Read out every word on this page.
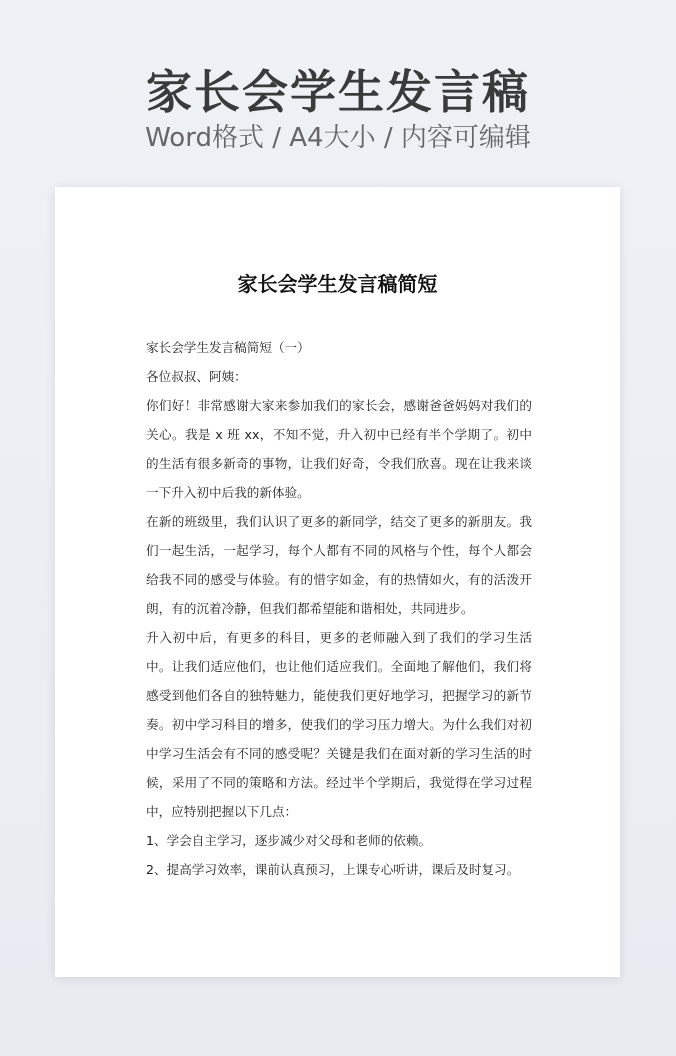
家长会学生发言稿
Word格式 / A4大小 / 内容可编辑
家长会学生发言稿简短

家长会学生发言稿简短（一）

各位叔叔、阿姨：

你们好！非常感谢大家来参加我们的家长会，感谢爸爸妈妈对我们的关心。我是 x 班 xx，不知不觉，升入初中已经有半个学期了。初中的生活有很多新奇的事物，让我们好奇，令我们欣喜。现在让我来谈一下升入初中后我的新体验。

在新的班级里，我们认识了更多的新同学，结交了更多的新朋友。我们一起生活，一起学习，每个人都有不同的风格与个性，每个人都会给我不同的感受与体验。有的惜字如金，有的热情如火，有的活泼开朗，有的沉着冷静，但我们都希望能和谐相处，共同进步。

升入初中后，有更多的科目，更多的老师融入到了我们的学习生活中。让我们适应他们，也让他们适应我们。全面地了解他们，我们将感受到他们各自的独特魅力，能使我们更好地学习，把握学习的新节奏。初中学习科目的增多，使我们的学习压力增大。为什么我们对初中学习生活会有不同的感受呢？关键是我们在面对新的学习生活的时候，采用了不同的策略和方法。经过半个学期后，我觉得在学习过程中，应特别把握以下几点：

1、学会自主学习，逐步减少对父母和老师的依赖。

2、提高学习效率，课前认真预习，上课专心听讲，课后及时复习。
